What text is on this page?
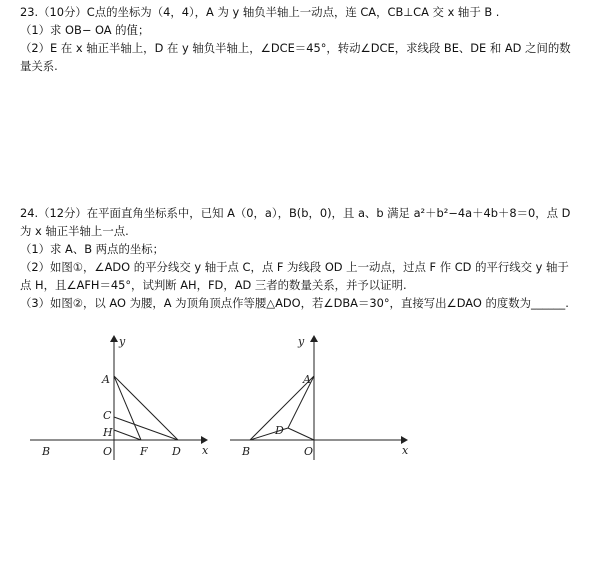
23.（10分）C点的坐标为（4，4），A 为 y 轴负半轴上一动点，连 CA，CB⊥CA 交 x 轴于 B .
（1）求 OB− OA 的值；
（2）E 在 x 轴正半轴上，D 在 y 轴负半轴上，∠DCE＝45°，转动∠DCE，求线段 BE、DE 和 AD 之间的数
量关系.
24.（12分）在平面直角坐标系中，已知 A（0，a），B(b，0)，且 a、b 满足 a²＋b²−4a＋4b＋8＝0，点 D
为 x 轴正半轴上一点.
（1）求 A、B 两点的坐标；
（2）如图①，∠ADO 的平分线交 y 轴于点 C，点 F 为线段 OD 上一动点，过点 F 作 CD 的平行线交 y 轴于
点 H，且∠AFH＝45°，试判断 AH，FD，AD 三者的数量关系，并予以证明.
（3）如图②，以 AO 为腰，A 为顶角顶点作等腰△ADO，若∠DBA＝30°，直接写出∠DAO 的度数为______.
y
x
A
C
H
O
B	F D
y
x
A
D
O
B
